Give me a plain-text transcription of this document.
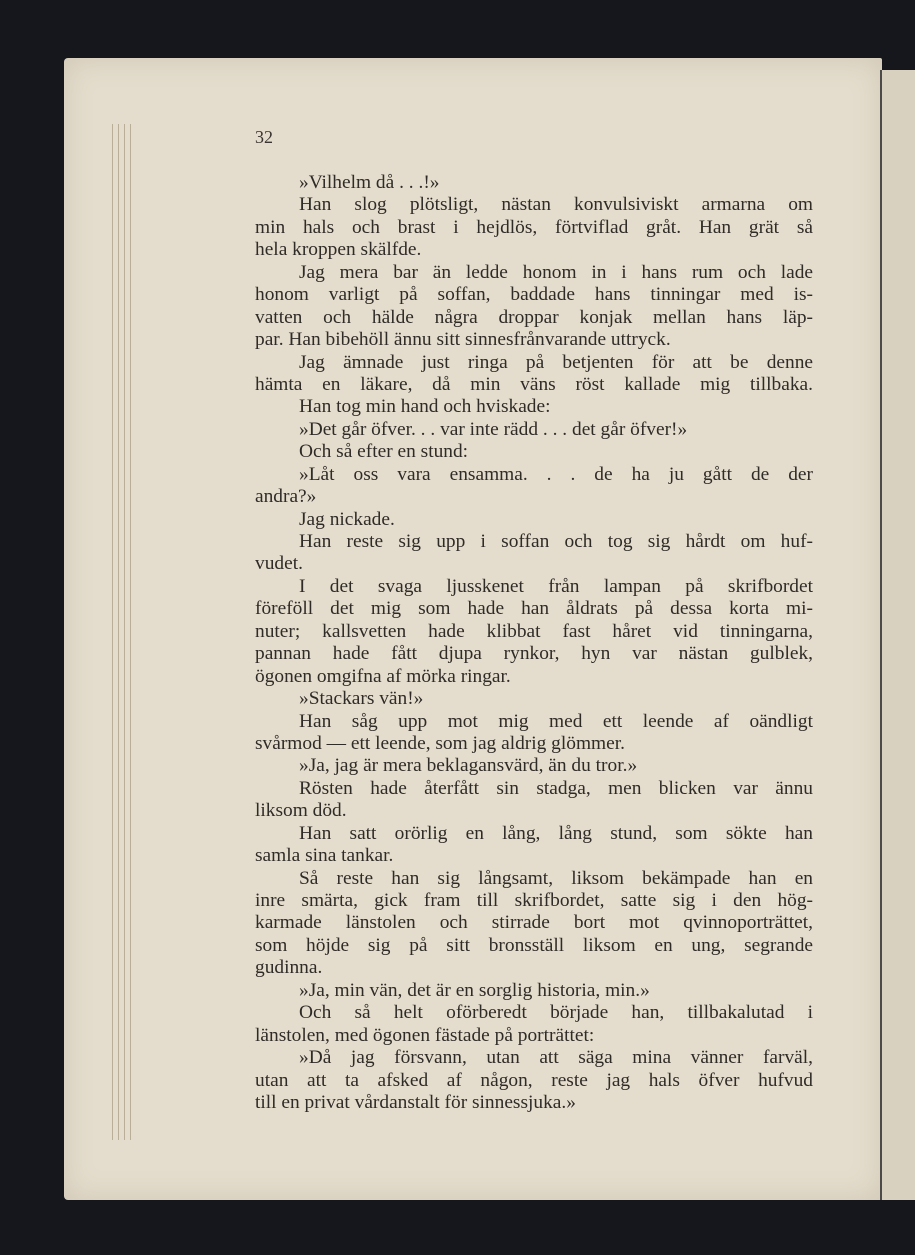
32
»Vilhelm då . . .!»
Han slog plötsligt, nästan konvulsiviskt armarna om
min hals och brast i hejdlös, förtviflad gråt. Han grät så
hela kroppen skälfde.
Jag mera bar än ledde honom in i hans rum och lade
honom varligt på soffan, baddade hans tinningar med is-
vatten och hälde några droppar konjak mellan hans läp-
par. Han bibehöll ännu sitt sinnesfrånvarande uttryck.
Jag ämnade just ringa på betjenten för att be denne
hämta en läkare, då min väns röst kallade mig tillbaka.
Han tog min hand och hviskade:
»Det går öfver. . . var inte rädd . . . det går öfver!»
Och så efter en stund:
»Låt oss vara ensamma. . . de ha ju gått de der
andra?»
Jag nickade.
Han reste sig upp i soffan och tog sig hårdt om huf-
vudet.
I det svaga ljusskenet från lampan på skrifbordet
föreföll det mig som hade han åldrats på dessa korta mi-
nuter; kallsvetten hade klibbat fast håret vid tinningarna,
pannan hade fått djupa rynkor, hyn var nästan gulblek,
ögonen omgifna af mörka ringar.
»Stackars vän!»
Han såg upp mot mig med ett leende af oändligt
svårmod — ett leende, som jag aldrig glömmer.
»Ja, jag är mera beklagansvärd, än du tror.»
Rösten hade återfått sin stadga, men blicken var ännu
liksom död.
Han satt orörlig en lång, lång stund, som sökte han
samla sina tankar.
Så reste han sig långsamt, liksom bekämpade han en
inre smärta, gick fram till skrifbordet, satte sig i den hög-
karmade länstolen och stirrade bort mot qvinnoporträttet,
som höjde sig på sitt bronsställ liksom en ung, segrande
gudinna.
»Ja, min vän, det är en sorglig historia, min.»
Och så helt oförberedt började han, tillbakalutad i
länstolen, med ögonen fästade på porträttet:
»Då jag försvann, utan att säga mina vänner farväl,
utan att ta afsked af någon, reste jag hals öfver hufvud
till en privat vårdanstalt för sinnessjuka.»
